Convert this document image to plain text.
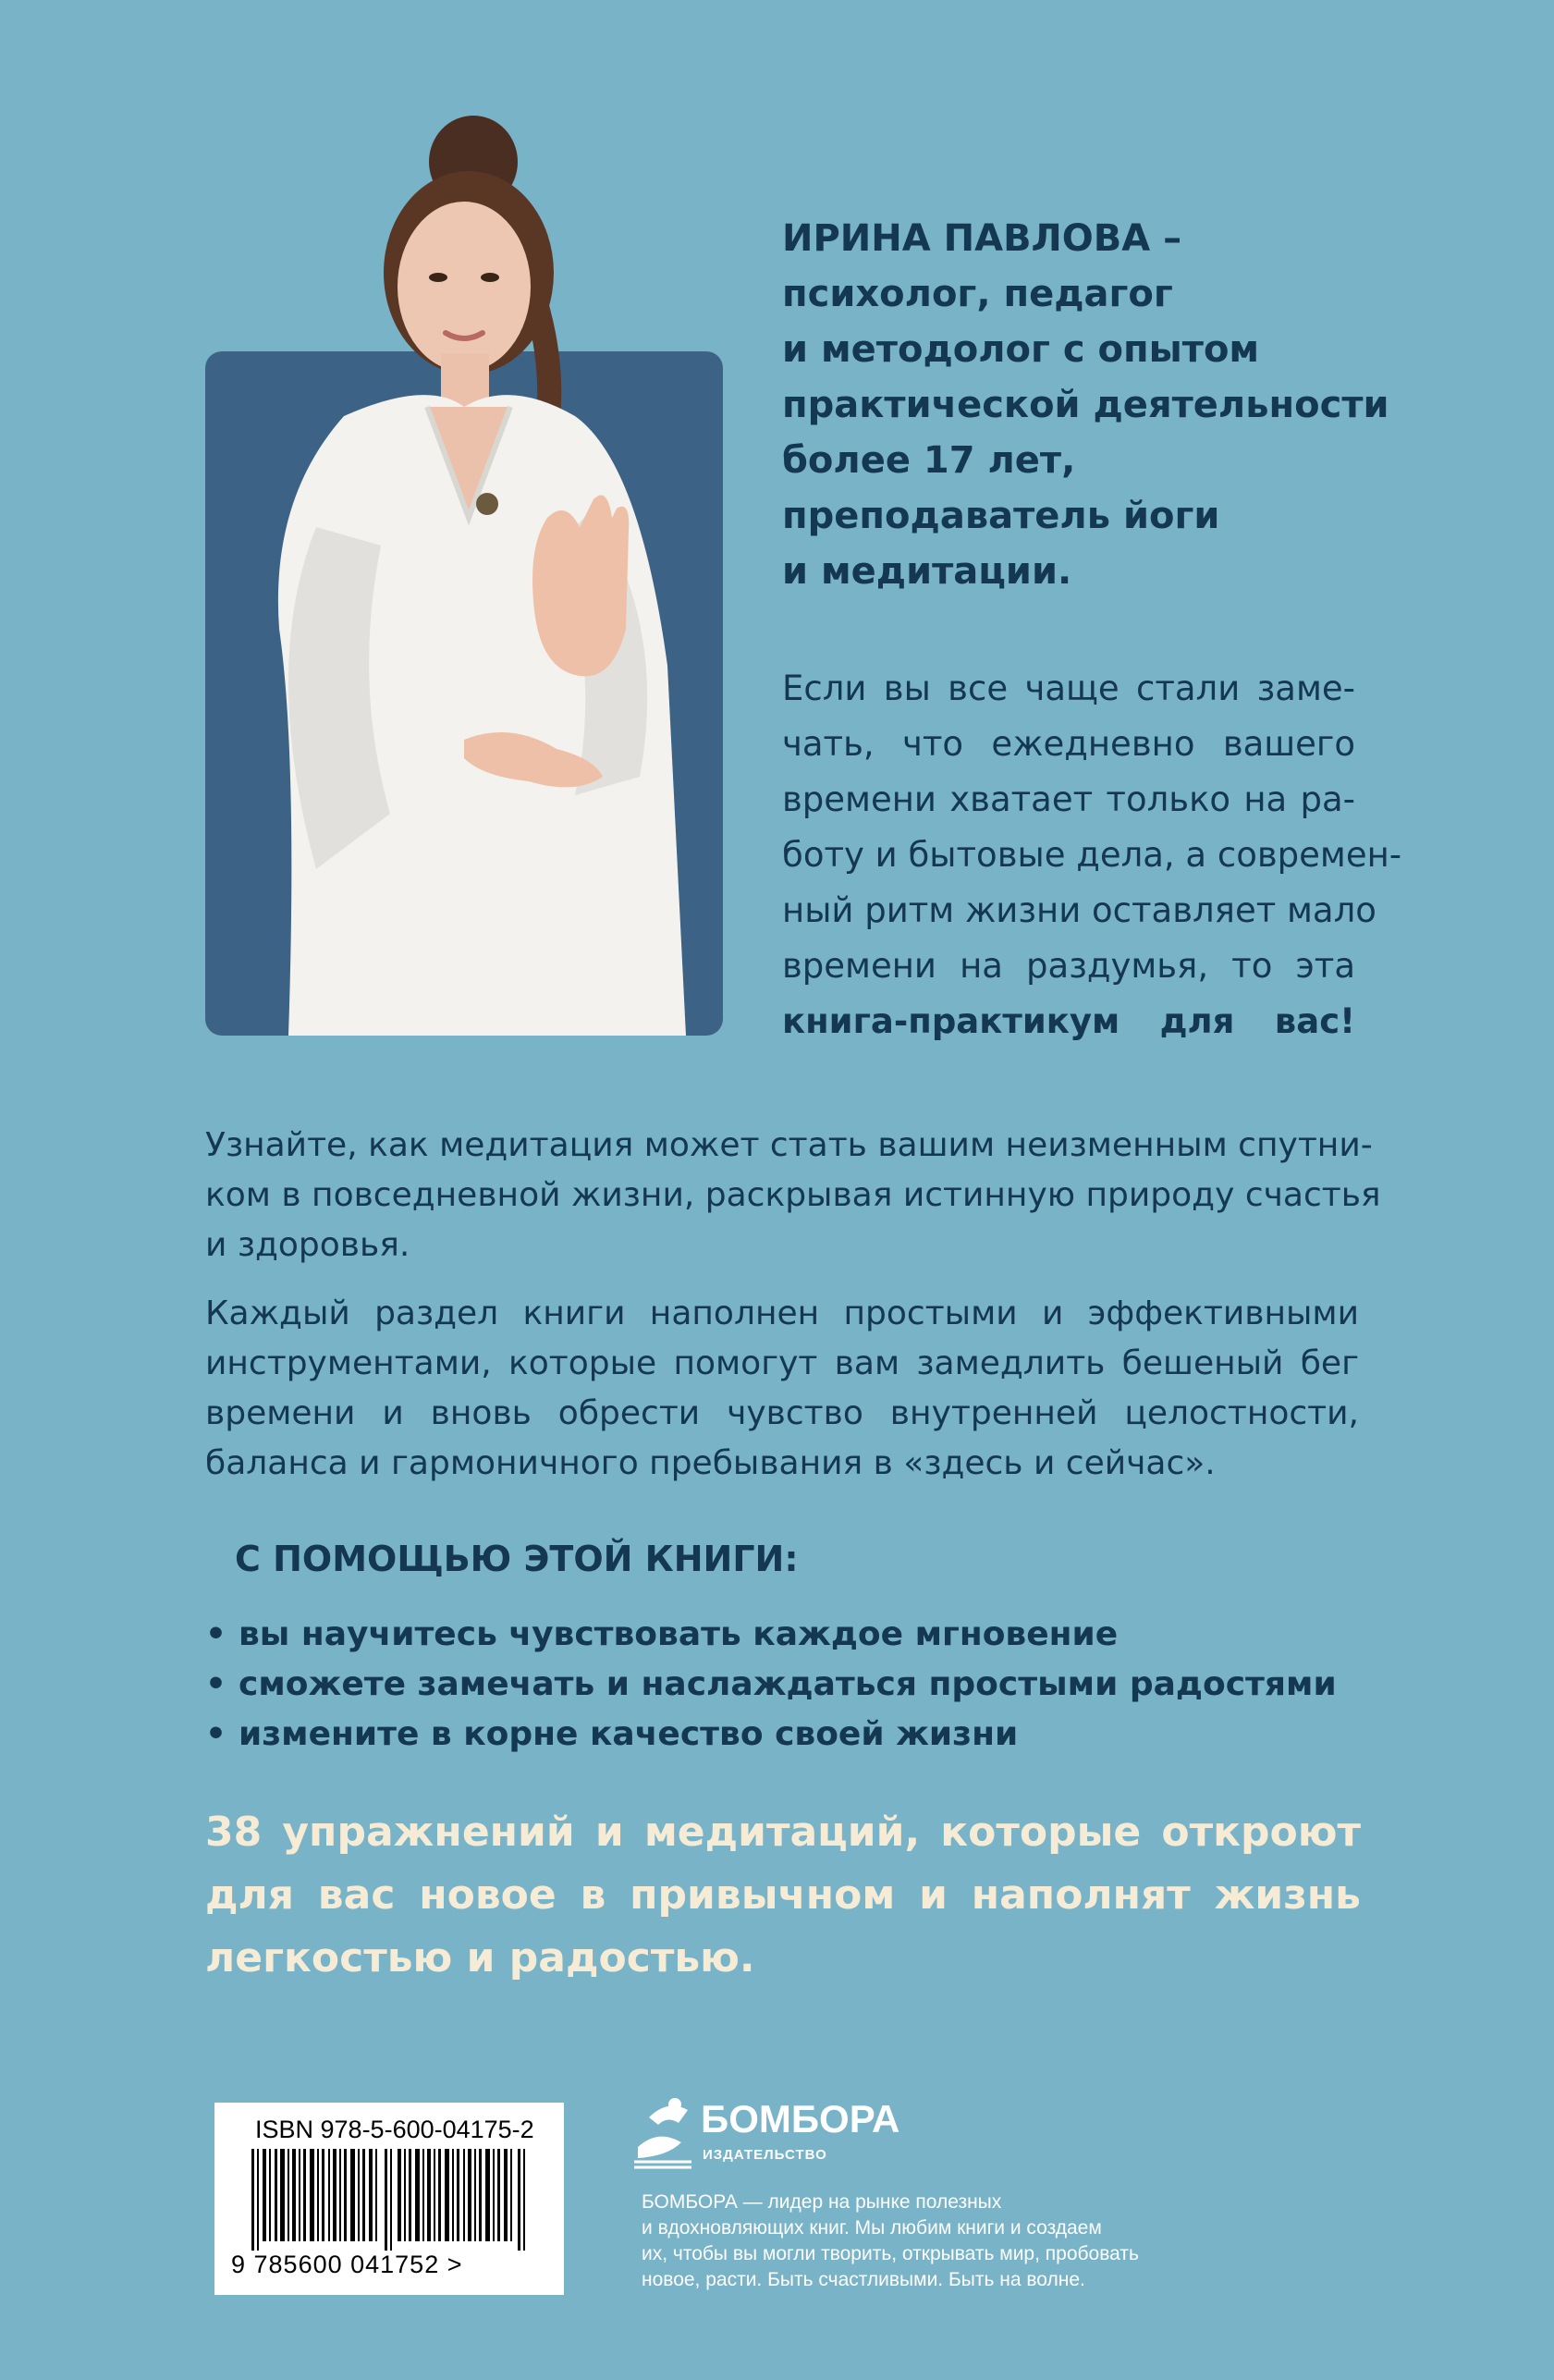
ИРИНА ПАВЛОВА –
психолог, педагог
и методолог с опытом
практической деятельности
более 17 лет,
преподаватель йоги
и медитации.
Если вы все чаще стали заме-
чать, что ежедневно вашего
времени хватает только на ра-
боту и бытовые дела, а современ-
ный ритм жизни оставляет мало
времени на раздумья, то эта
книга-практикум для вас!
Узнайте, как медитация может стать вашим неизменным спутни-
ком в повседневной жизни, раскрывая истинную природу счастья
и здоровья.
Каждый раздел книги наполнен простыми и эффективными
инструментами, которые помогут вам замедлить бешеный бег
времени и вновь обрести чувство внутренней целостности,
баланса и гармоничного пребывания в «здесь и сейчас».
С ПОМОЩЬЮ ЭТОЙ КНИГИ:
• вы научитесь чувствовать каждое мгновение
• сможете замечать и наслаждаться простыми радостями
• измените в корне качество своей жизни
38 упражнений и медитаций, которые откроют
для вас новое в привычном и наполнят жизнь
легкостью и радостью.
ISBN 978-5-600-04175-2
9 785600 041752 >
БОМБОРА
ИЗДАТЕЛЬСТВО
БОМБОРА — лидер на рынке полезных
и вдохновляющих книг. Мы любим книги и создаем
их, чтобы вы могли творить, открывать мир, пробовать
новое, расти. Быть счастливыми. Быть на волне.
